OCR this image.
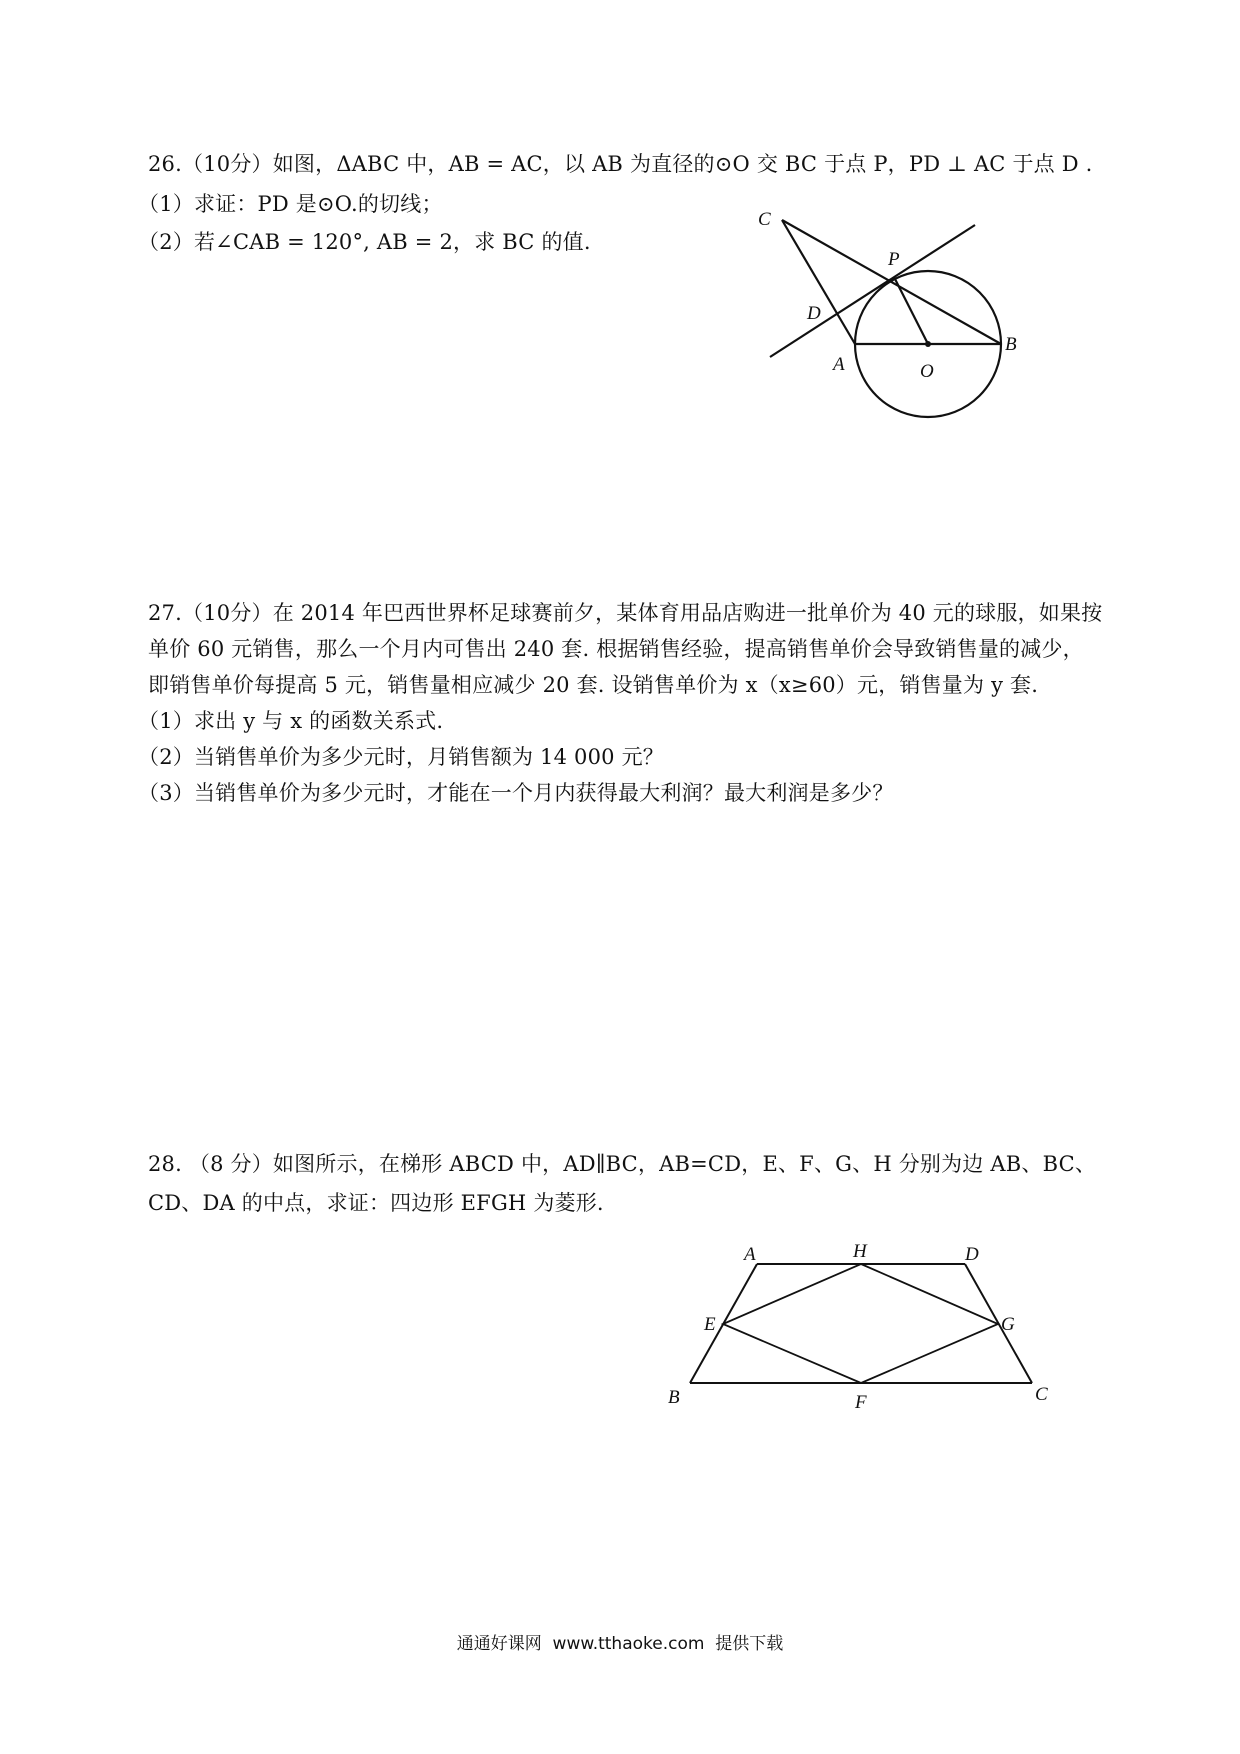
26.（10分）如图，ΔABC 中，AB = AC，以 AB 为直径的⊙O 交 BC 于点 P，PD ⊥ AC 于点 D .
（1）求证：PD 是⊙O.的切线；
（2）若∠CAB = 120°, AB = 2，求 BC 的值.
C
P
D
A	O
B
27.（10分）在 2014 年巴西世界杯足球赛前夕，某体育用品店购进一批单价为 40 元的球服，如果按
单价 60 元销售，那么一个月内可售出 240 套. 根据销售经验，提高销售单价会导致销售量的减少，
即销售单价每提高 5 元，销售量相应减少 20 套. 设销售单价为 x（x≥60）元，销售量为 y 套.
（1）求出 y 与 x 的函数关系式.
（2）当销售单价为多少元时，月销售额为 14 000 元？
（3）当销售单价为多少元时，才能在一个月内获得最大利润？最大利润是多少？
28. （8 分）如图所示，在梯形 ABCD 中，AD∥BC，AB=CD，E、F、G、H 分别为边 AB、BC、
CD、DA 的中点，求证：四边形 EFGH 为菱形.
A	H	D
E	G
B	F	C
通通好课网  www.tthaoke.com  提供下载
